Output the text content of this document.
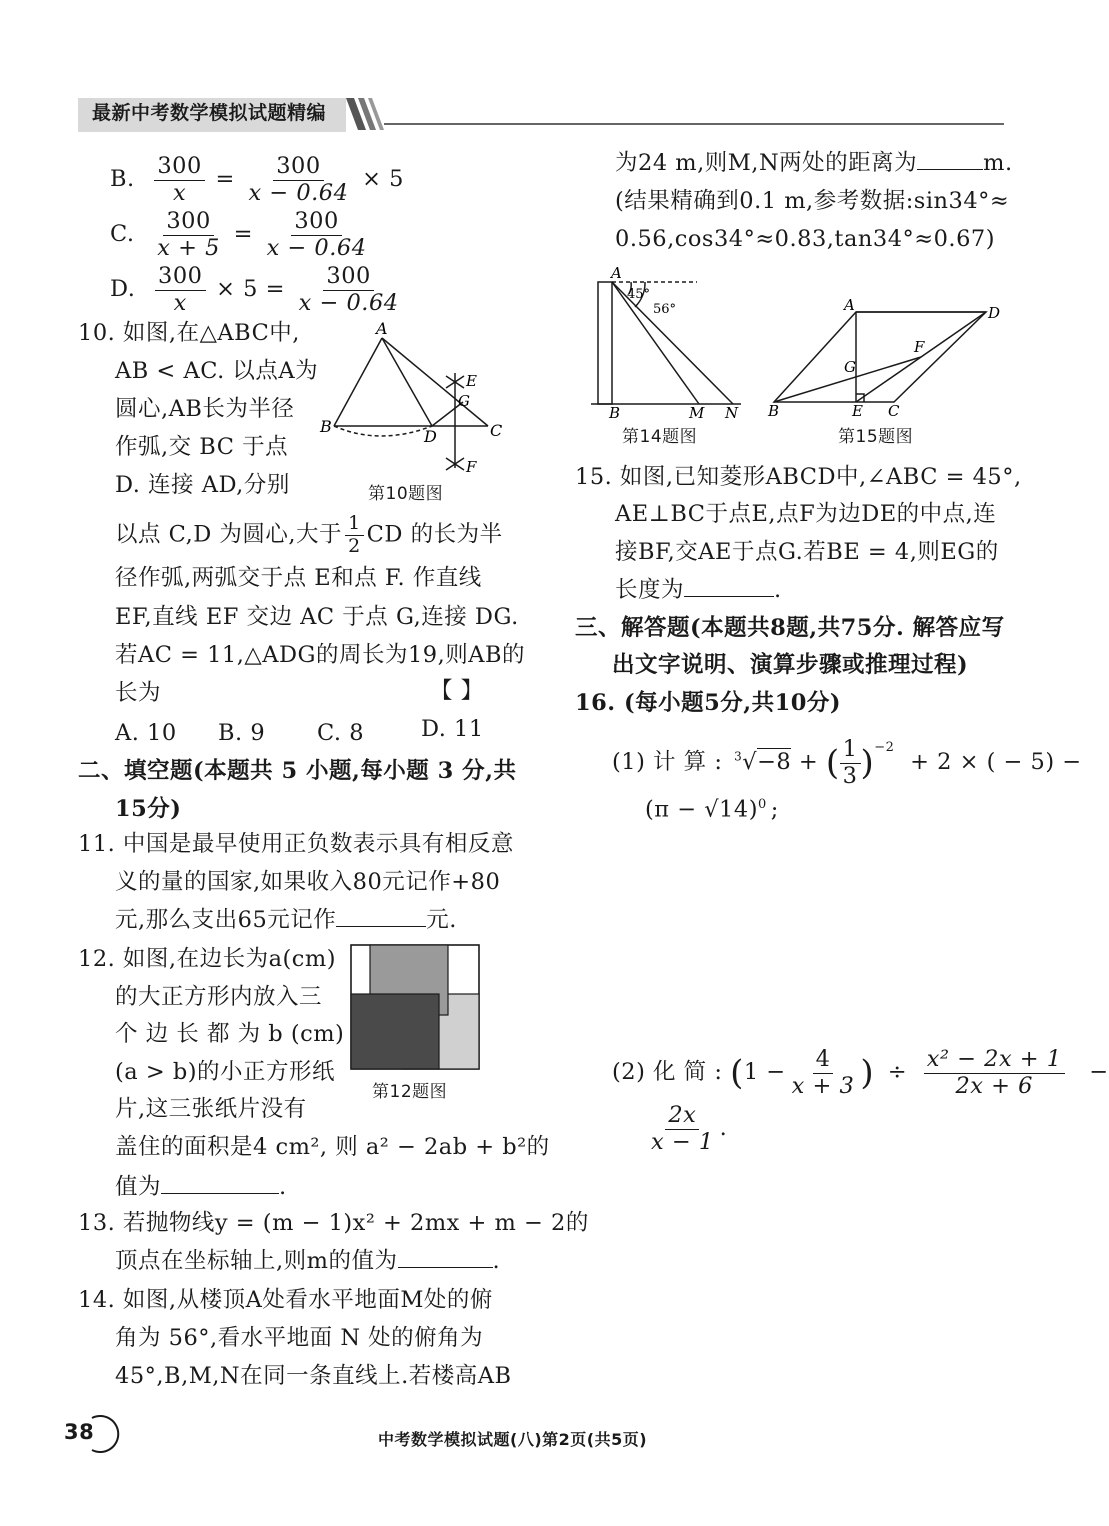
最新中考数学模拟试题精编
B. $\frac{300}{x} = \frac{300}{x - 0.64} \times 5$
C. $\frac{300}{x + 5} = \frac{300}{x - 0.64}$
D. $\frac{300}{x} \times 5 = \frac{300}{x - 0.64}$
10. 如图,在△ABC中,
AB < AC. 以点A为
圆心,AB长为半径
作弧,交 BC 于点
D. 连接 AD,分别
以点 C,D 为圆心,大于 $\frac{1}{2}$ CD 的长为半
径作弧,两弧交于点 E和点 F. 作直线
EF,直线 EF 交边 AC 于点 G,连接 DG.
若AC = 11,△ADG的周长为19,则AB的
长为	【 】
A. 10 B. 9 C. 8	D. 11
A
B	C
D
E
G
F
第10题图
二、填空题(本题共 5 小题,每小题 3 分,共
15分)
11. 中国是最早使用正负数表示具有相反意
义的量的国家,如果收入80元记作+80
元,那么支出65元记作	元.
12. 如图,在边长为a(cm)
的大正方形内放入三
个 边 长 都 为 b (cm)
(a > b)的小正方形纸
片,这三张纸片没有
盖住的面积是4 cm², 则 a² − 2ab + b²的
值为	.
第12题图
13. 若抛物线y = (m − 1)x² + 2mx + m − 2的
顶点在坐标轴上,则m的值为	.
14. 如图,从楼顶A处看水平地面M处的俯
角为 56°,看水平地面 N 处的俯角为
45°,B,M,N在同一条直线上.若楼高AB
为24 m,则M,N两处的距离为	m.
(结果精确到0.1 m,参考数据:sin34°≈
0.56,cos34°≈0.83,tan34°≈0.67)
A
B	M N
45°
56°
第14题图
A
B	C
D
E
F
G
第15题图
15. 如图,已知菱形ABCD中,∠ABC = 45°,
AE⊥BC于点E,点F为边DE的中点,连
接BF,交AE于点G.若BE = 4,则EG的
长度为	.
三、解答题(本题共8题,共75分. 解答应写
出文字说明、演算步骤或推理过程)
16. (每小题5分,共10分)
(1) 计 算 : $^3$√−8 + ( $\frac{1}{3} )^{-2} + 2$ × ( − 5) −
$(\pi - √14)^0$ ;
(2) 化 简 : ($1 - \frac{4}{x + 3}$ ) ÷ $\frac{\text{x² − 2x + 1}}{2x + 6}$ −
$\frac{2x}{x - 1}$ .
38	中考数学模拟试题(八)第2页(共5页)
